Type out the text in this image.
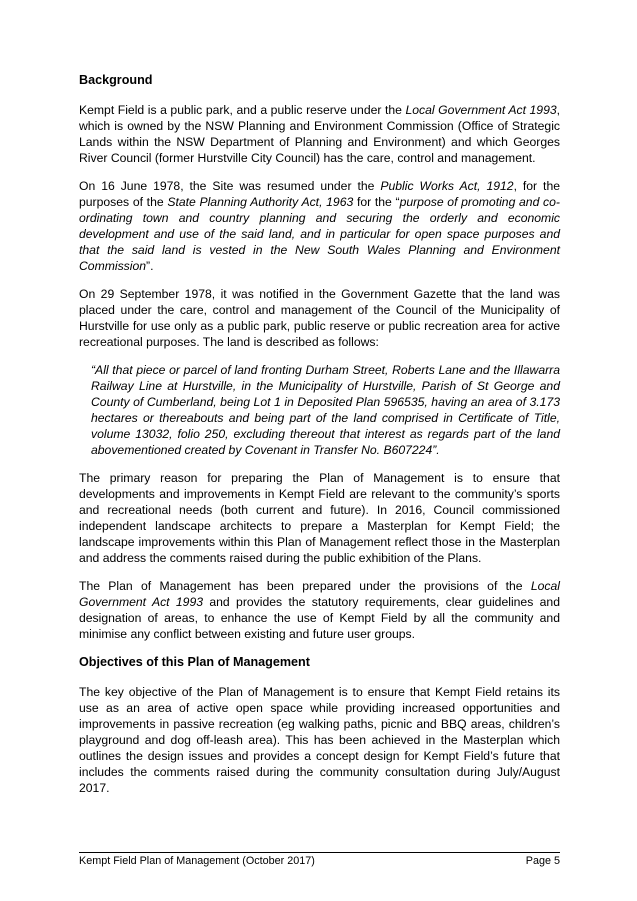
Background

Kempt Field is a public park, and a public reserve under the Local Government Act 1993, which is owned by the NSW Planning and Environment Commission (Office of Strategic Lands within the NSW Department of Planning and Environment) and which Georges River Council (former Hurstville City Council) has the care, control and management.

On 16 June 1978, the Site was resumed under the Public Works Act, 1912, for the purposes of the State Planning Authority Act, 1963 for the “purpose of promoting and co-ordinating town and country planning and securing the orderly and economic development and use of the said land, and in particular for open space purposes and that the said land is vested in the New South Wales Planning and Environment Commission”.

On 29 September 1978, it was notified in the Government Gazette that the land was placed under the care, control and management of the Council of the Municipality of Hurstville for use only as a public park, public reserve or public recreation area for active recreational purposes. The land is described as follows:

“All that piece or parcel of land fronting Durham Street, Roberts Lane and the Illawarra Railway Line at Hurstville, in the Municipality of Hurstville, Parish of St George and County of Cumberland, being Lot 1 in Deposited Plan 596535, having an area of 3.173 hectares or thereabouts and being part of the land comprised in Certificate of Title, volume 13032, folio 250, excluding thereout that interest as regards part of the land abovementioned created by Covenant in Transfer No. B607224”.

The primary reason for preparing the Plan of Management is to ensure that developments and improvements in Kempt Field are relevant to the community’s sports and recreational needs (both current and future). In 2016, Council commissioned independent landscape architects to prepare a Masterplan for Kempt Field; the landscape improvements within this Plan of Management reflect those in the Masterplan and address the comments raised during the public exhibition of the Plans.

The Plan of Management has been prepared under the provisions of the Local Government Act 1993 and provides the statutory requirements, clear guidelines and designation of areas, to enhance the use of Kempt Field by all the community and minimise any conflict between existing and future user groups.

Objectives of this Plan of Management

The key objective of the Plan of Management is to ensure that Kempt Field retains its use as an area of active open space while providing increased opportunities and improvements in passive recreation (eg walking paths, picnic and BBQ areas, children’s playground and dog off-leash area). This has been achieved in the Masterplan which outlines the design issues and provides a concept design for Kempt Field’s future that includes the comments raised during the community consultation during July/August 2017.

Kempt Field Plan of Management (October 2017)	Page 5
